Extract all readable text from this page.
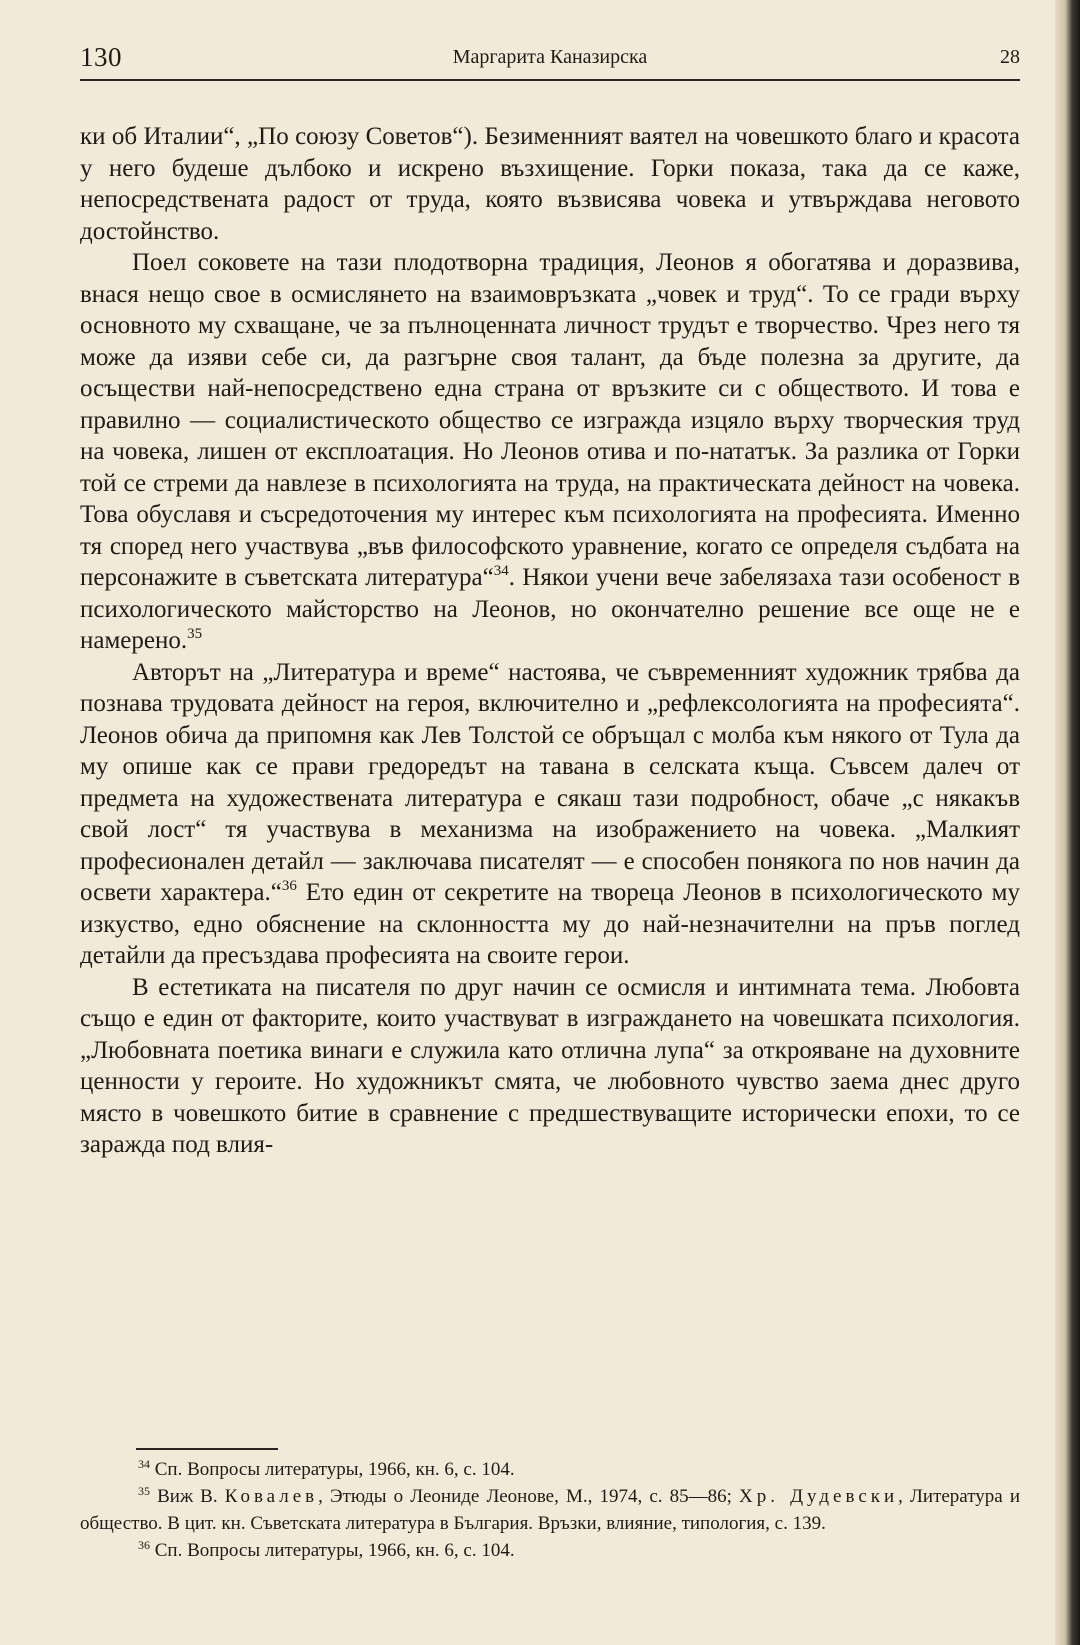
130	Маргарита Каназирска	28

ки об Италии“, „По союзу Советов“). Безименният ваятел на човешкото благо и красота у него будеше дълбоко и искрено възхищение. Горки показа, така да се каже, непосредствената радост от труда, която възвисява човека и утвърждава неговото достойнство.

Поел соковете на тази плодотворна традиция, Леонов я обогатява и доразвива, внася нещо свое в осмислянето на взаимовръзката „човек и труд“. То се гради върху основното му схващане, че за пълноценната личност трудът е творчество. Чрез него тя може да изяви себе си, да разгърне своя талант, да бъде полезна за другите, да осъществи най-непосредствено една страна от връзките си с обществото. И това е правилно — социалистическото общество се изгражда изцяло върху творческия труд на човека, лишен от експлоатация. Но Леонов отива и по-нататък. За разлика от Горки той се стреми да навлезе в психологията на труда, на практическата дейност на човека. Това обуславя и съсредоточения му интерес към психологията на професията. Именно тя според него участвува „във философското уравнение, когато се определя съдбата на персонажите в съветската литература“$^{34}$. Някои учени вече забелязаха тази особеност в психологическото майсторство на Леонов, но окончателно решение все още не е намерено.$^{35}$

Авторът на „Литература и време“ настоява, че съвременният художник трябва да познава трудовата дейност на героя, включително и „рефлексологията на професията“. Леонов обича да припомня как Лев Толстой се обръщал с молба към някого от Тула да му опише как се прави гредоредът на тавана в селската къща. Съвсем далеч от предмета на художествената литература е сякаш тази подробност, обаче „с някакъв свой лост“ тя участвува в механизма на изображението на човека. „Малкият професионален детайл — заключава писателят — е способен понякога по нов начин да освети характера.“$^{36}$ Ето един от секретите на твореца Леонов в психологическото му изкуство, едно обяснение на склонността му до най-незначителни на пръв поглед детайли да пресъздава професията на своите герои.

В естетиката на писателя по друг начин се осмисля и интимната тема. Любовта също е един от факторите, които участвуват в изграждането на човешката психология. „Любовната поетика винаги е служила като отлична лупа“ за открояване на духовните ценности у героите. Но художникът смята, че любовното чувство заема днес друго място в човешкото битие в сравнение с предшествуващите исторически епохи, то се заражда под влия-

$^{34}$ Сп. Вопросы литературы, 1966, кн. 6, с. 104.

$^{35}$ Виж В. Ковалев, Этюды о Леониде Леонове, М., 1974, с. 85—86; Хр. Дудевски, Литература и общество. В цит. кн. Съветската литература в България. Връзки, влияние, типология, с. 139.

$^{36}$ Сп. Вопросы литературы, 1966, кн. 6, с. 104.
